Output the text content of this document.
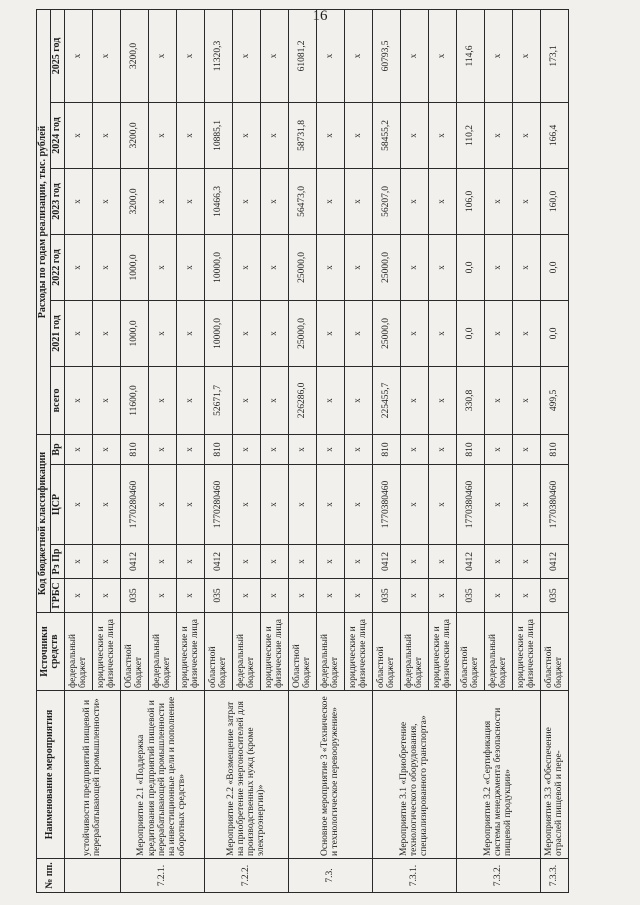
16
№ пп.	Наименование мероприятия	Источники средств	Код бюджетной классификации				Расходы по годам реализации, тыс. рублей					
			ГРБС	Рз Пр	ЦСР	Вр	всего	2021 год	2022 год	2023 год	2024 год	2025 год
	устойчивости предприятий пищевой и перерабатывающей промышленности»	федеральный бюджет	x	x	x	x	x	x	x	x	x	x
		юридические и физические лица	x	x	x	x	x	x	x	x	x	x
7.2.1.	Мероприятие 2.1 «Поддержка кредитования предприятий пищевой и перерабатывающей промышленности на инвестиционные цели и пополнение оборотных средств»	Областной бюджет	035	0412	1770280460	810	11600,0	1000,0	1000,0	3200,0	3200,0	3200,0
		федеральный бюджет	x	x	x	x	x	x	x	x	x	x
		юридические и физические лица	x	x	x	x	x	x	x	x	x	x
7.2.2.	Мероприятие 2.2 «Возмещение затрат на приобретение энергоносителей для производственных нужд (кроме электроэнергии)»	областной бюджет	035	0412	1770280460	810	52671,7	10000,0	10000,0	10466,3	10885,1	11320,3
		федеральный бюджет	x	x	x	x	x	x	x	x	x	x
		юридические и физические лица	x	x	x	x	x	x	x	x	x	x
7.3.	Основное мероприятие 3 «Техническое и технологическое перевооружение»	Областной бюджет	x	x	x	x	226286,0	25000,0	25000,0	56473,0	58731,8	61081,2
		федеральный бюджет	x	x	x	x	x	x	x	x	x	x
		юридические и физические лица	x	x	x	x	x	x	x	x	x	x
7.3.1.	Мероприятие 3.1 «Приобретение технологического оборудования, специализированного транспорта»	областной бюджет	035	0412	1770380460	810	225455,7	25000,0	25000,0	56207,0	58455,2	60793,5
		федеральный бюджет	x	x	x	x	x	x	x	x	x	x
		юридические и физические лица	x	x	x	x	x	x	x	x	x	x
7.3.2.	Мероприятие 3.2 «Сертификация системы менеджмента безопасности пищевой продукции»	областной бюджет	035	0412	1770380460	810	330,8	0,0	0,0	106,0	110,2	114,6
		федеральный бюджет	x	x	x	x	x	x	x	x	x	x
		юридические и физические лица	x	x	x	x	x	x	x	x	x	x
7.3.3.	Мероприятие 3.3 «Обеспечение отраслей пищевой и пере-	областной бюджет	035	0412	1770380460	810	499,5	0,0	0,0	160,0	166,4	173,1
